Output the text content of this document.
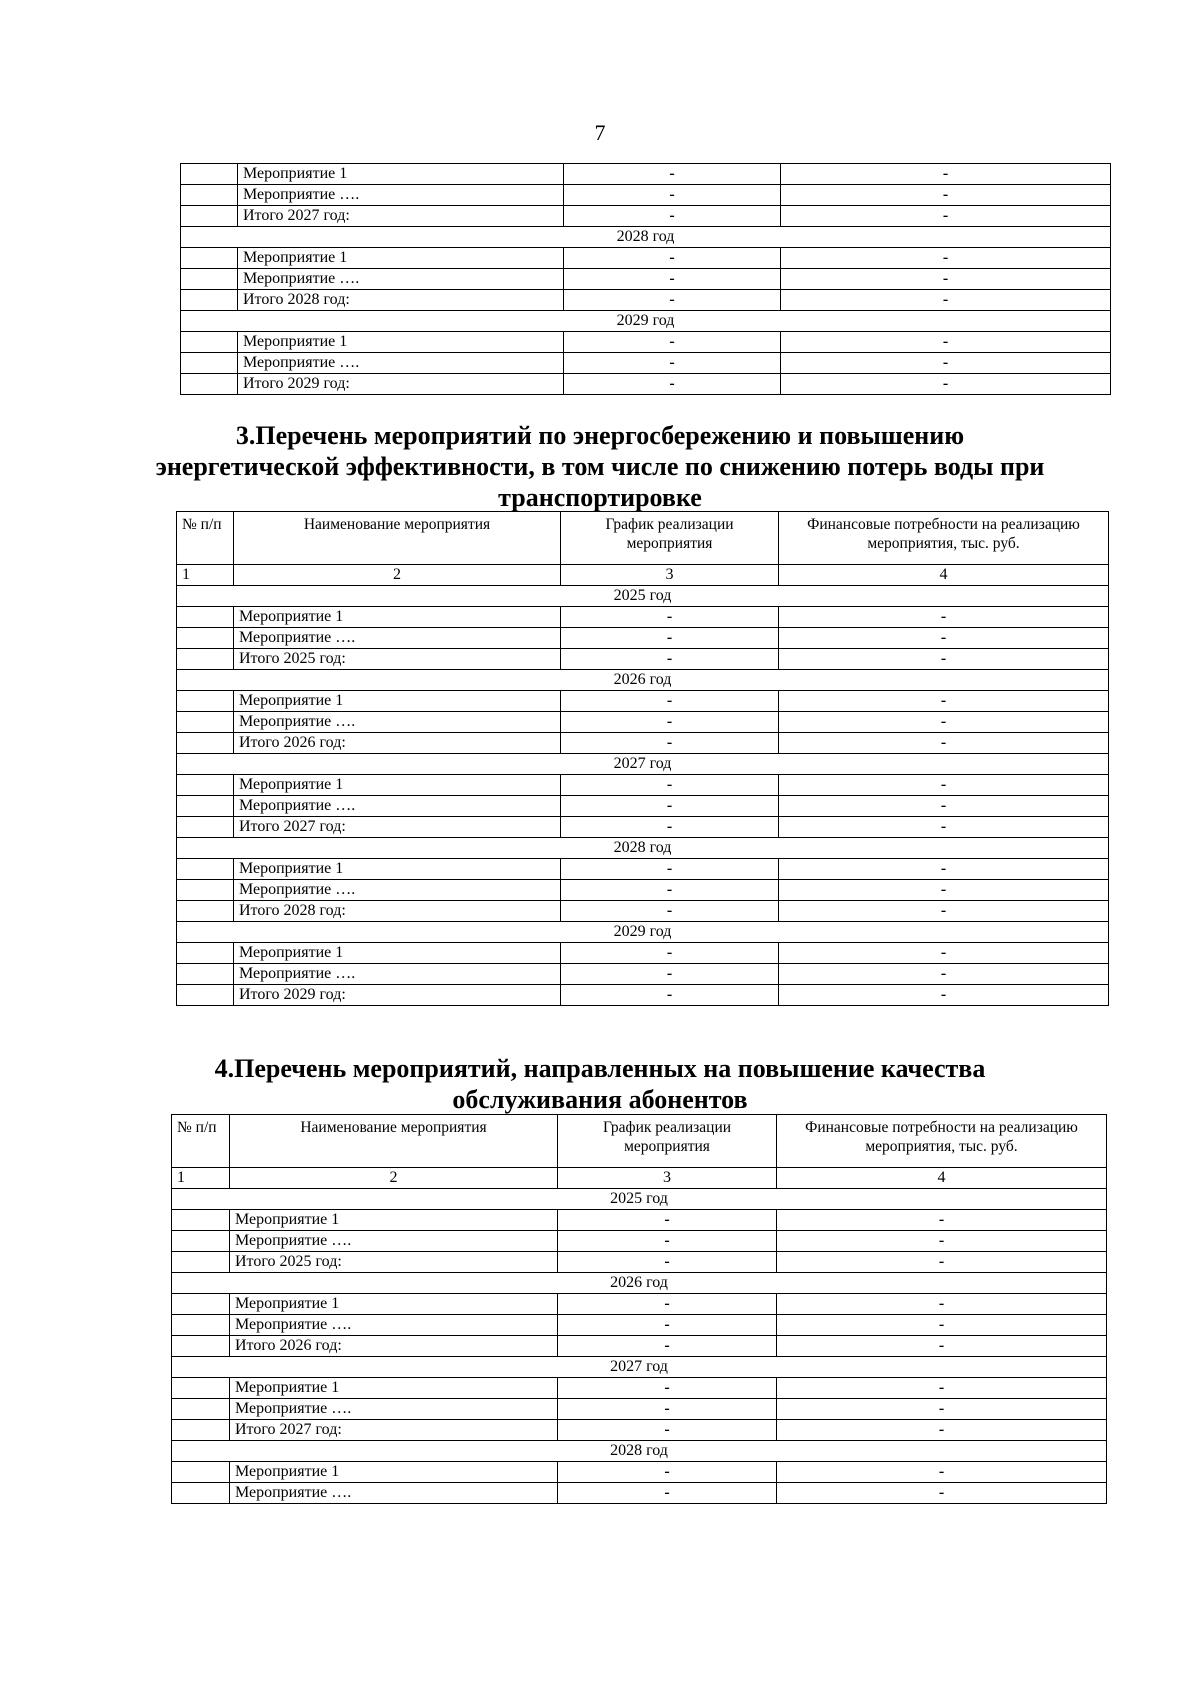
7
	Мероприятие 1	-	-
	Мероприятие ….	-	-
	Итого 2027 год:	-	-
2028 год			
	Мероприятие 1	-	-
	Мероприятие ….	-	-
	Итого 2028 год:	-	-
2029 год			
	Мероприятие 1	-	-
	Мероприятие ….	-	-
	Итого 2029 год:	-	-
3.Перечень мероприятий по энергосбережению и повышению
энергетической эффективности, в том числе по снижению потерь воды при
транспортировке
№ п/п	Наименование мероприятия	График реализации мероприятия	Финансовые потребности на реализацию мероприятия, тыс. руб.
1	2	3	4
2025 год			
	Мероприятие 1	-	-
	Мероприятие ….	-	-
	Итого 2025 год:	-	-
2026 год			
	Мероприятие 1	-	-
	Мероприятие ….	-	-
	Итого 2026 год:	-	-
2027 год			
	Мероприятие 1	-	-
	Мероприятие ….	-	-
	Итого 2027 год:	-	-
2028 год			
	Мероприятие 1	-	-
	Мероприятие ….	-	-
	Итого 2028 год:	-	-
2029 год			
	Мероприятие 1	-	-
	Мероприятие ….	-	-
	Итого 2029 год:	-	-
4.Перечень мероприятий, направленных на повышение качества
обслуживания абонентов
№ п/п	Наименование мероприятия	График реализации мероприятия	Финансовые потребности на реализацию мероприятия, тыс. руб.
1	2	3	4
2025 год			
	Мероприятие 1	-	-
	Мероприятие ….	-	-
	Итого 2025 год:	-	-
2026 год			
	Мероприятие 1	-	-
	Мероприятие ….	-	-
	Итого 2026 год:	-	-
2027 год			
	Мероприятие 1	-	-
	Мероприятие ….	-	-
	Итого 2027 год:	-	-
2028 год			
	Мероприятие 1	-	-
	Мероприятие ….	-	-
